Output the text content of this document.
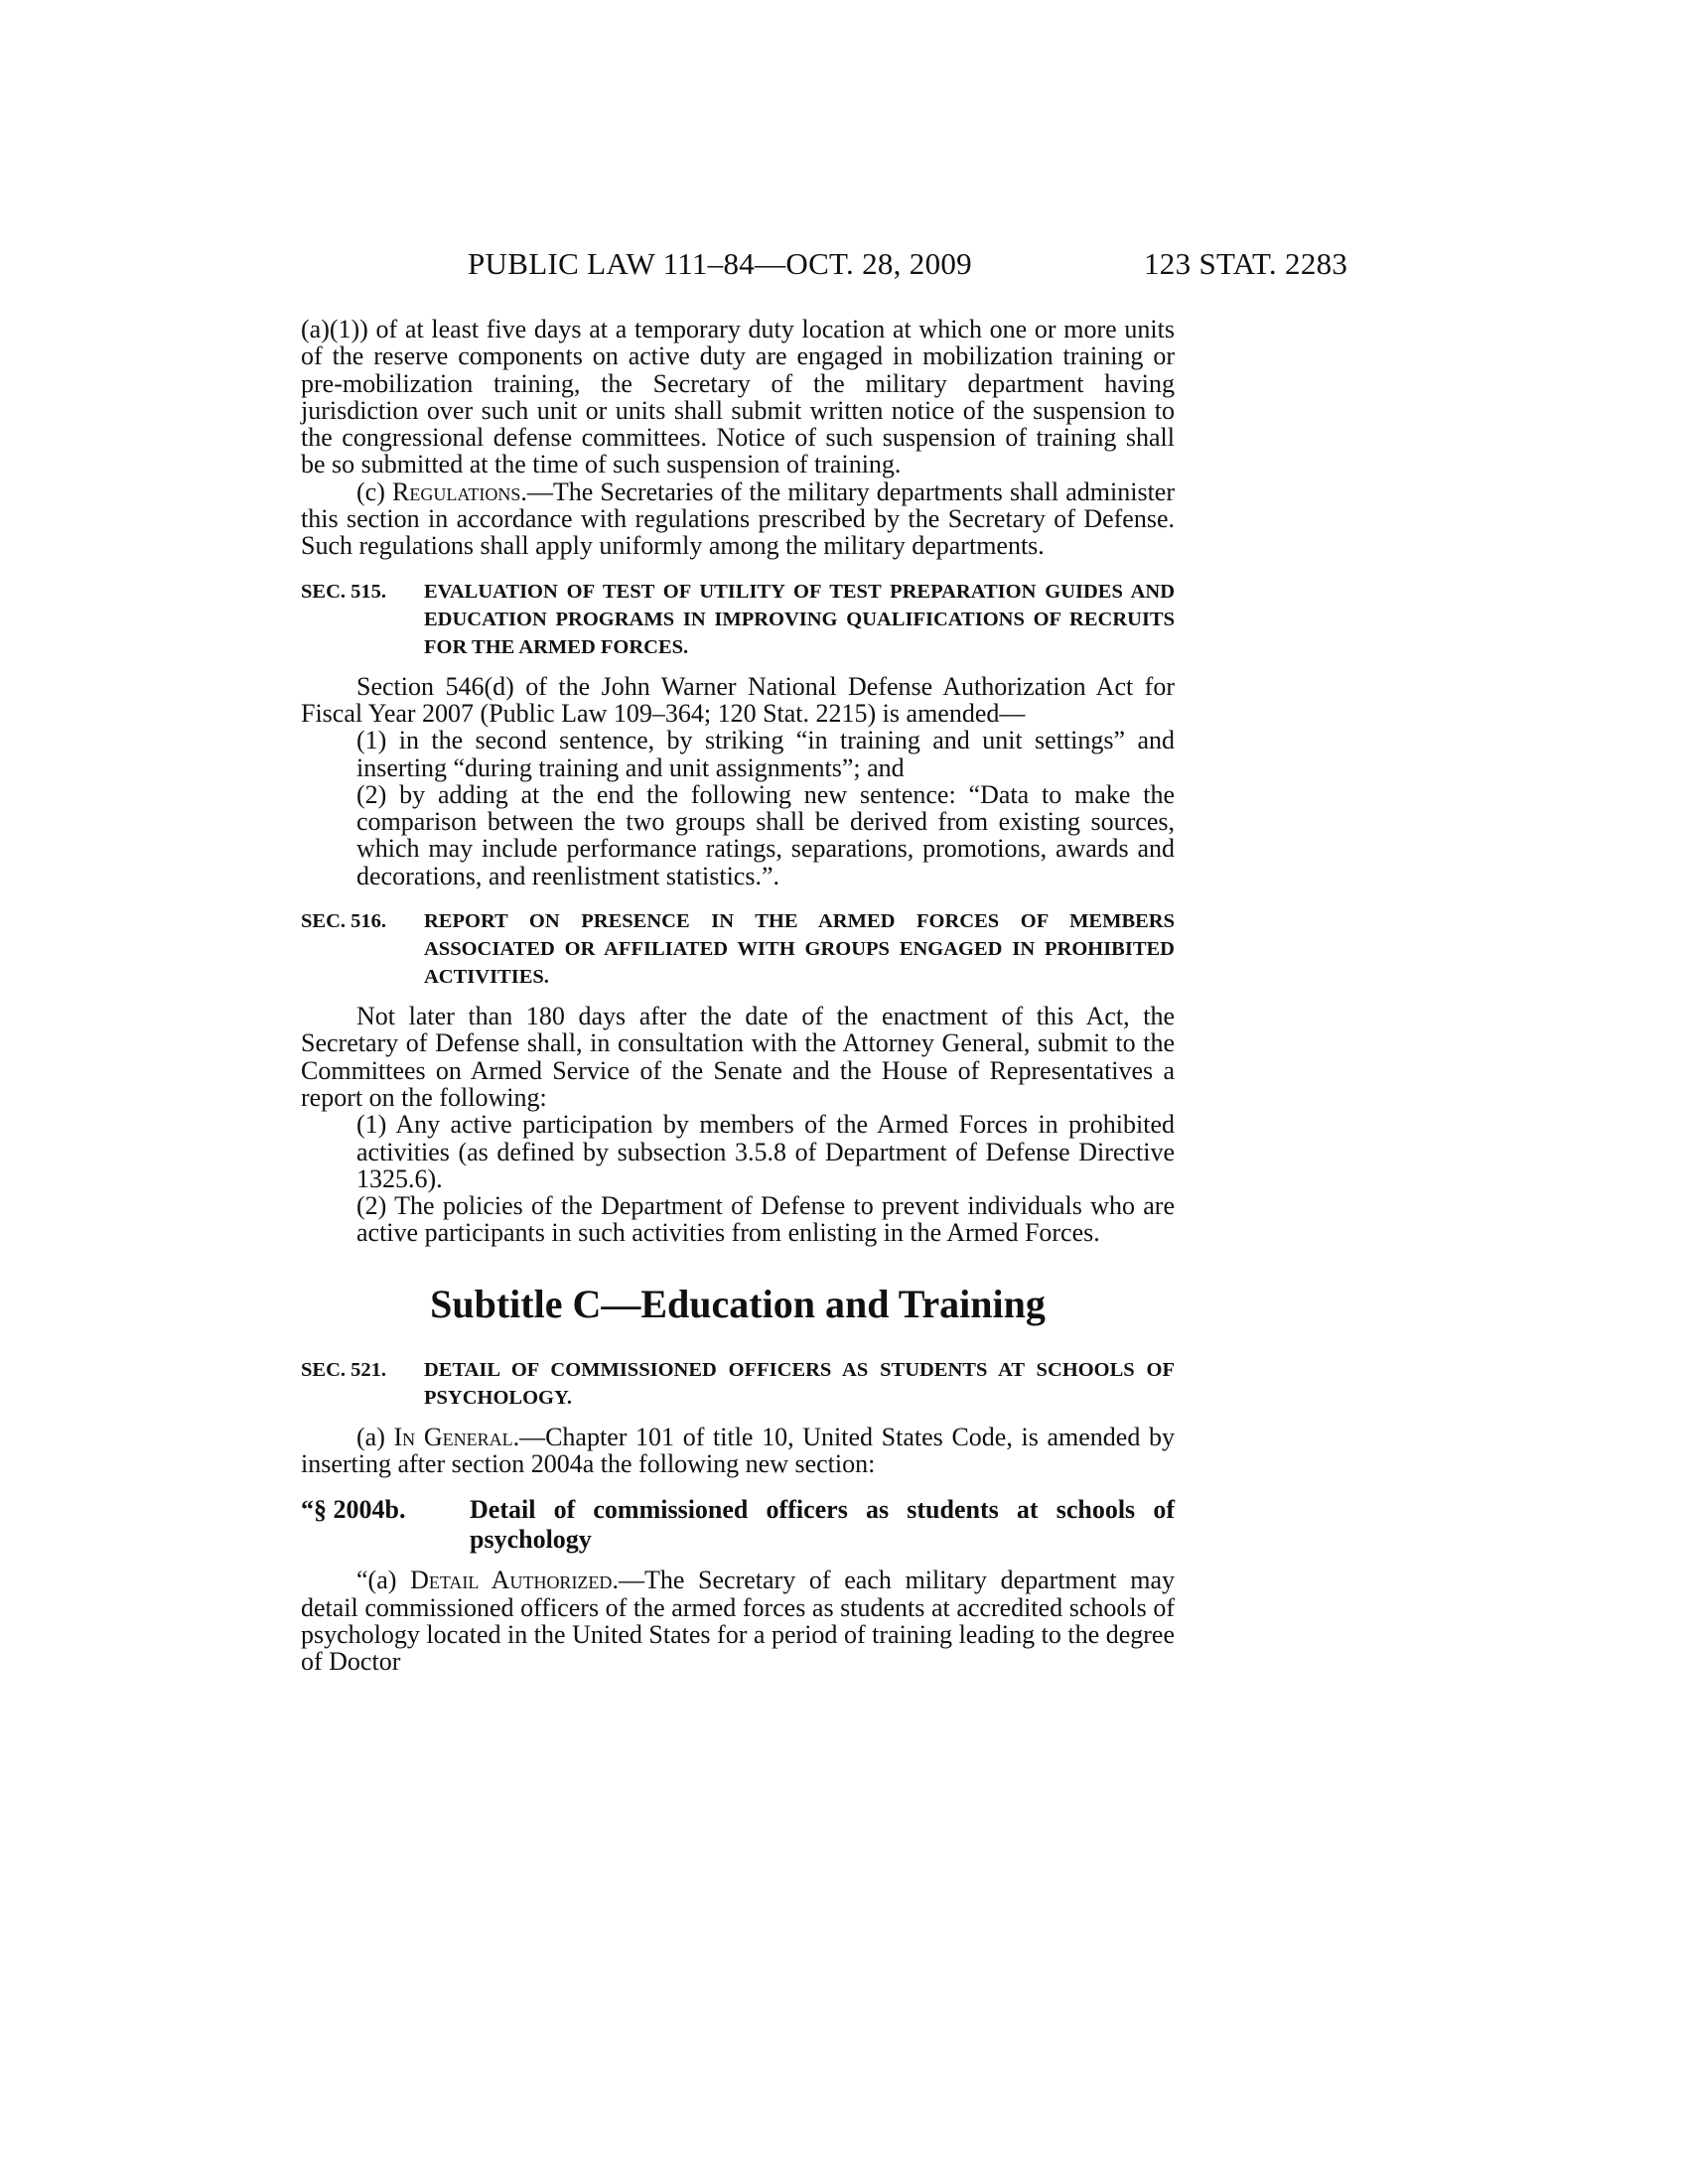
PUBLIC LAW 111–84—OCT. 28, 2009	123 STAT. 2283

(a)(1)) of at least five days at a temporary duty location at which one or more units of the reserve components on active duty are engaged in mobilization training or pre-mobilization training, the Secretary of the military department having jurisdiction over such unit or units shall submit written notice of the suspension to the congressional defense committees. Notice of such suspension of training shall be so submitted at the time of such suspension of training.

(c) Regulations.—The Secretaries of the military departments shall administer this section in accordance with regulations prescribed by the Secretary of Defense. Such regulations shall apply uniformly among the military departments.

SEC. 515.	EVALUATION OF TEST OF UTILITY OF TEST PREPARATION GUIDES AND EDUCATION PROGRAMS IN IMPROVING QUALIFICATIONS OF RECRUITS FOR THE ARMED FORCES.

Section 546(d) of the John Warner National Defense Authorization Act for Fiscal Year 2007 (Public Law 109–364; 120 Stat. 2215) is amended—

(1) in the second sentence, by striking “in training and unit settings” and inserting “during training and unit assignments”; and

(2) by adding at the end the following new sentence: “Data to make the comparison between the two groups shall be derived from existing sources, which may include performance ratings, separations, promotions, awards and decorations, and reenlistment statistics.”.

SEC. 516.	REPORT ON PRESENCE IN THE ARMED FORCES OF MEMBERS ASSOCIATED OR AFFILIATED WITH GROUPS ENGAGED IN PROHIBITED ACTIVITIES.

Not later than 180 days after the date of the enactment of this Act, the Secretary of Defense shall, in consultation with the Attorney General, submit to the Committees on Armed Service of the Senate and the House of Representatives a report on the following:

(1) Any active participation by members of the Armed Forces in prohibited activities (as defined by subsection 3.5.8 of Department of Defense Directive 1325.6).

(2) The policies of the Department of Defense to prevent individuals who are active participants in such activities from enlisting in the Armed Forces.

Subtitle C—Education and Training
SEC. 521.	DETAIL OF COMMISSIONED OFFICERS AS STUDENTS AT SCHOOLS OF PSYCHOLOGY.

(a) In General.—Chapter 101 of title 10, United States Code, is amended by inserting after section 2004a the following new section:

“§ 2004b.	Detail of commissioned officers as students at schools of psychology

“(a) Detail Authorized.—The Secretary of each military department may detail commissioned officers of the armed forces as students at accredited schools of psychology located in the United States for a period of training leading to the degree of Doctor
